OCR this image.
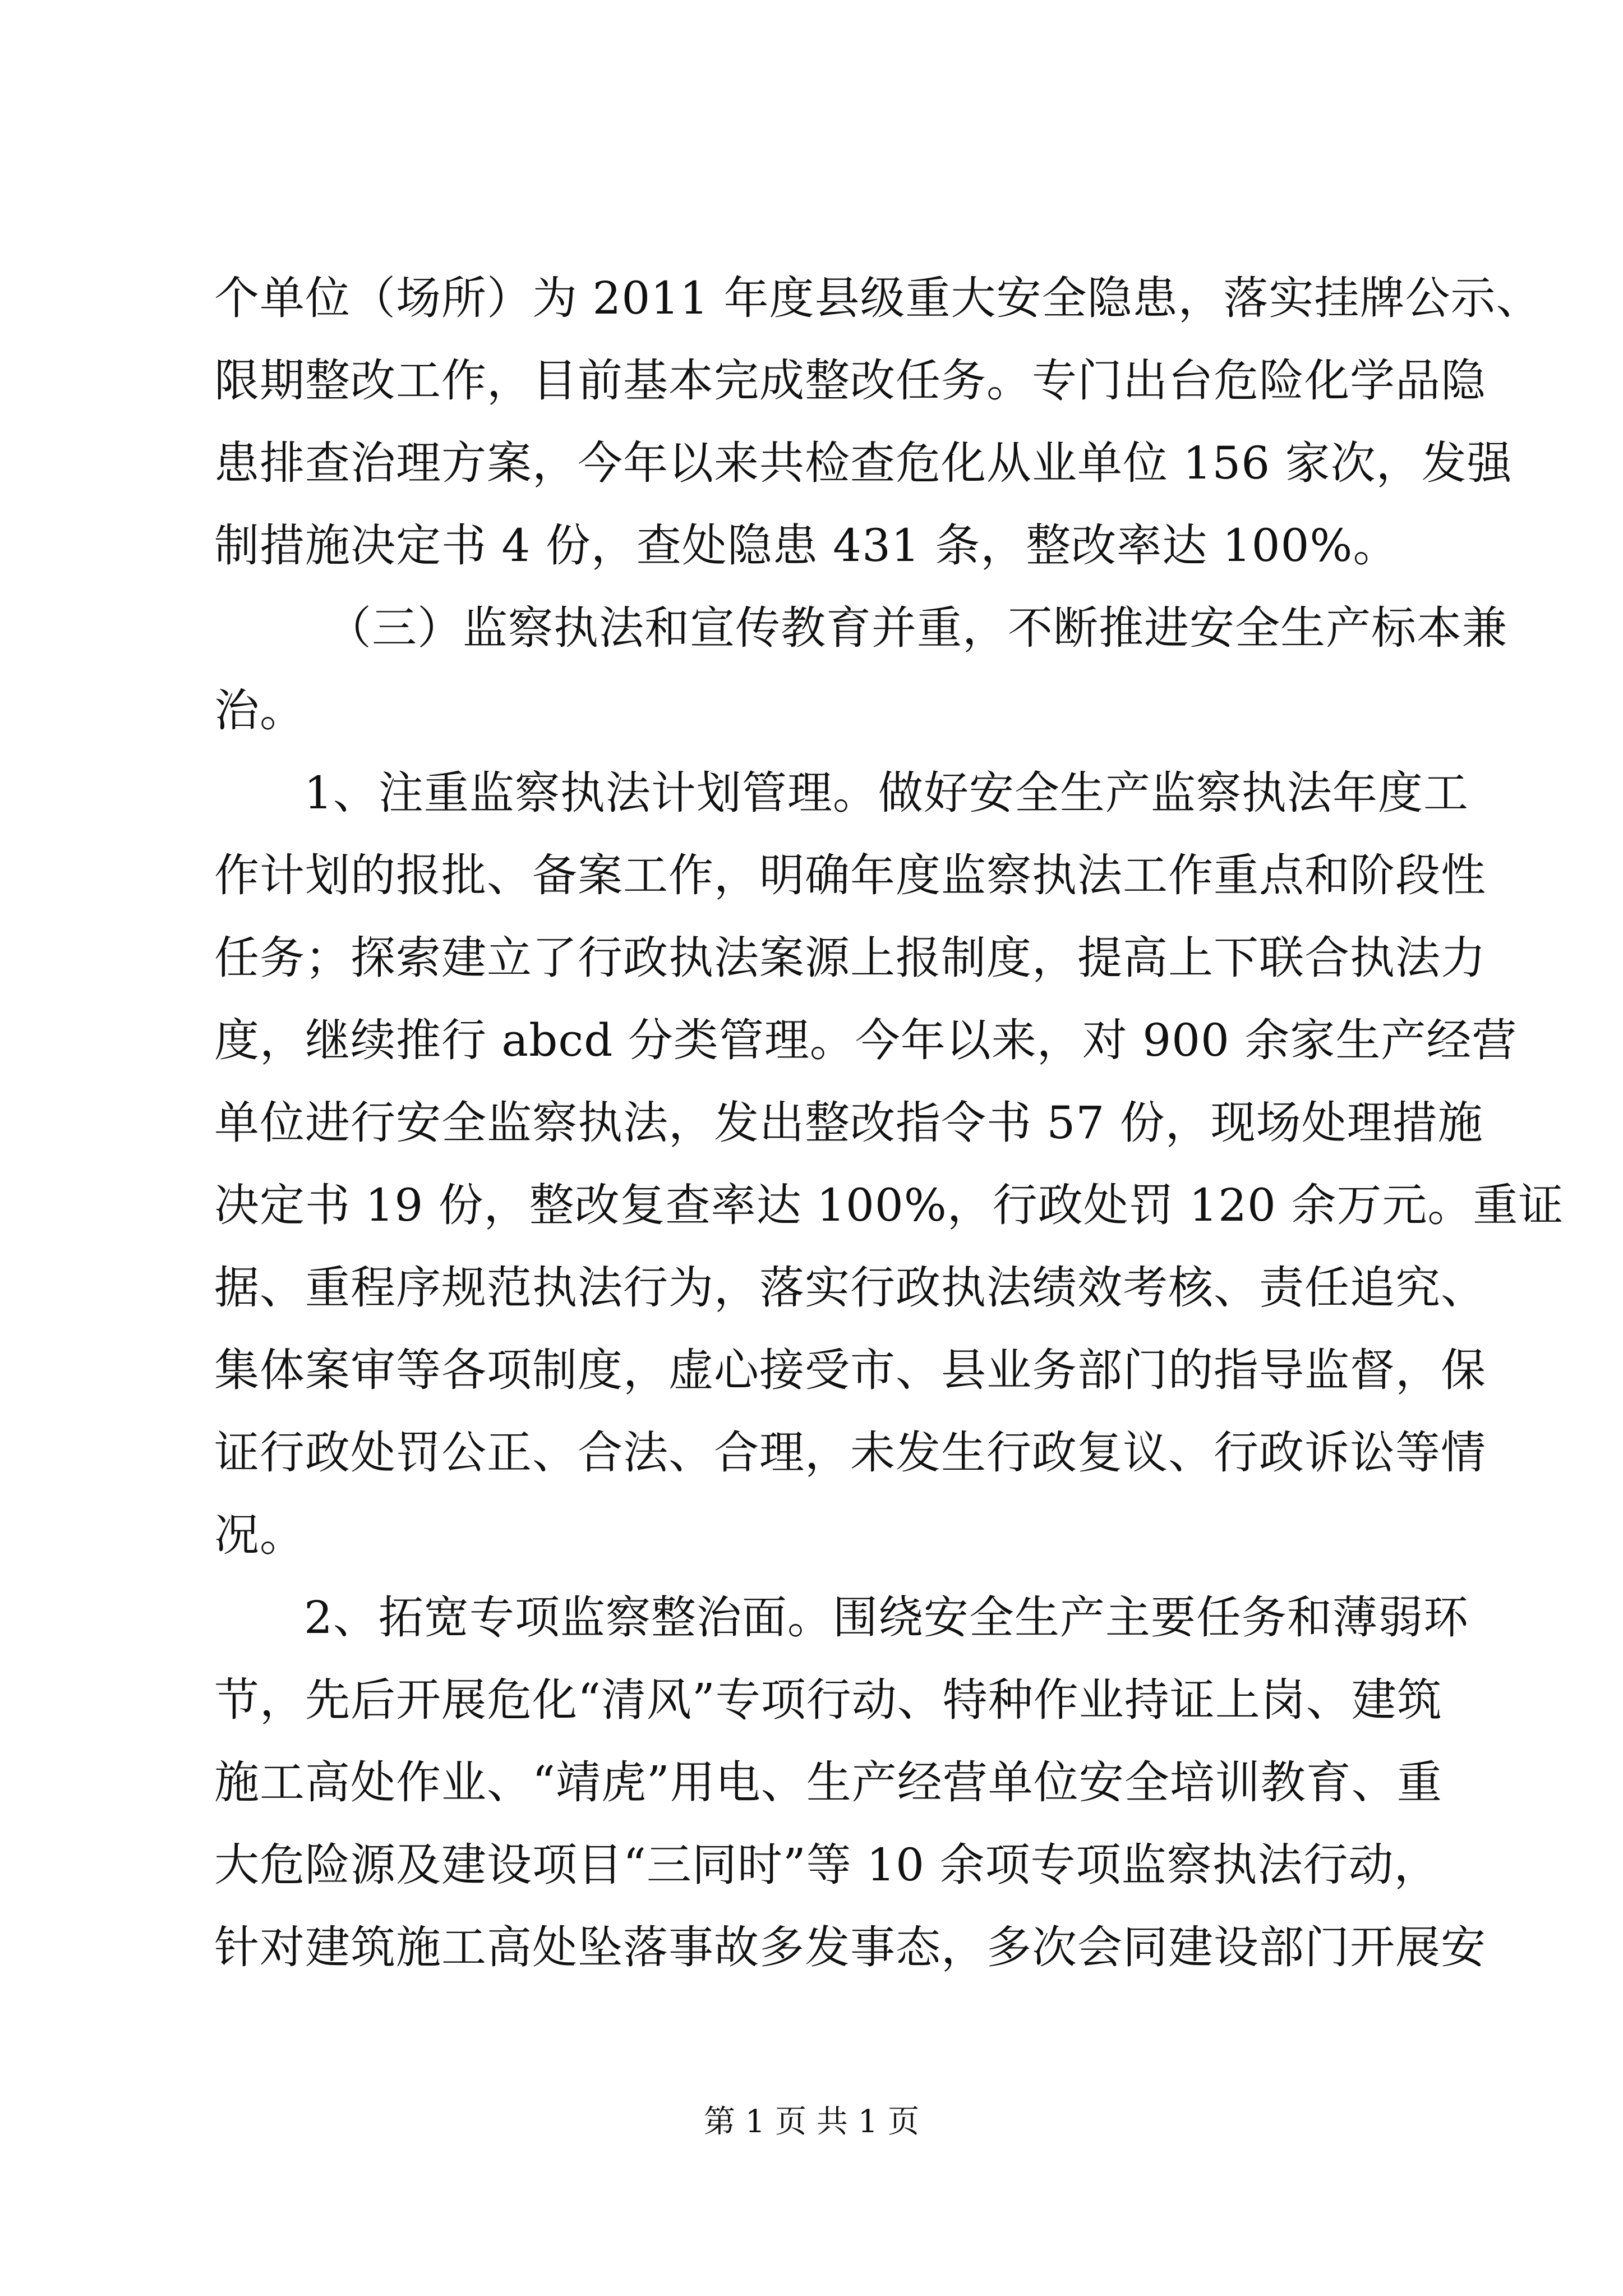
个单位（场所）为 2011 年度县级重大安全隐患，落实挂牌公示、
限期整改工作，目前基本完成整改任务。专门出台危险化学品隐
患排查治理方案，今年以来共检查危化从业单位 156 家次，发强
制措施决定书 4 份，查处隐患 431 条，整改率达 100%。
（三）监察执法和宣传教育并重，不断推进安全生产标本兼
治。
1、注重监察执法计划管理。做好安全生产监察执法年度工
作计划的报批、备案工作，明确年度监察执法工作重点和阶段性
任务；探索建立了行政执法案源上报制度，提高上下联合执法力
度，继续推行 abcd 分类管理。今年以来，对 900 余家生产经营
单位进行安全监察执法，发出整改指令书 57 份，现场处理措施
决定书 19 份，整改复查率达 100%，行政处罚 120 余万元。重证
据、重程序规范执法行为，落实行政执法绩效考核、责任追究、
集体案审等各项制度，虚心接受市、县业务部门的指导监督，保
证行政处罚公正、合法、合理，未发生行政复议、行政诉讼等情
况。
2、拓宽专项监察整治面。围绕安全生产主要任务和薄弱环
节，先后开展危化“清风”专项行动、特种作业持证上岗、建筑
施工高处作业、“靖虎”用电、生产经营单位安全培训教育、重
大危险源及建设项目“三同时”等 10 余项专项监察执法行动，
针对建筑施工高处坠落事故多发事态，多次会同建设部门开展安
第 1 页 共 1 页
